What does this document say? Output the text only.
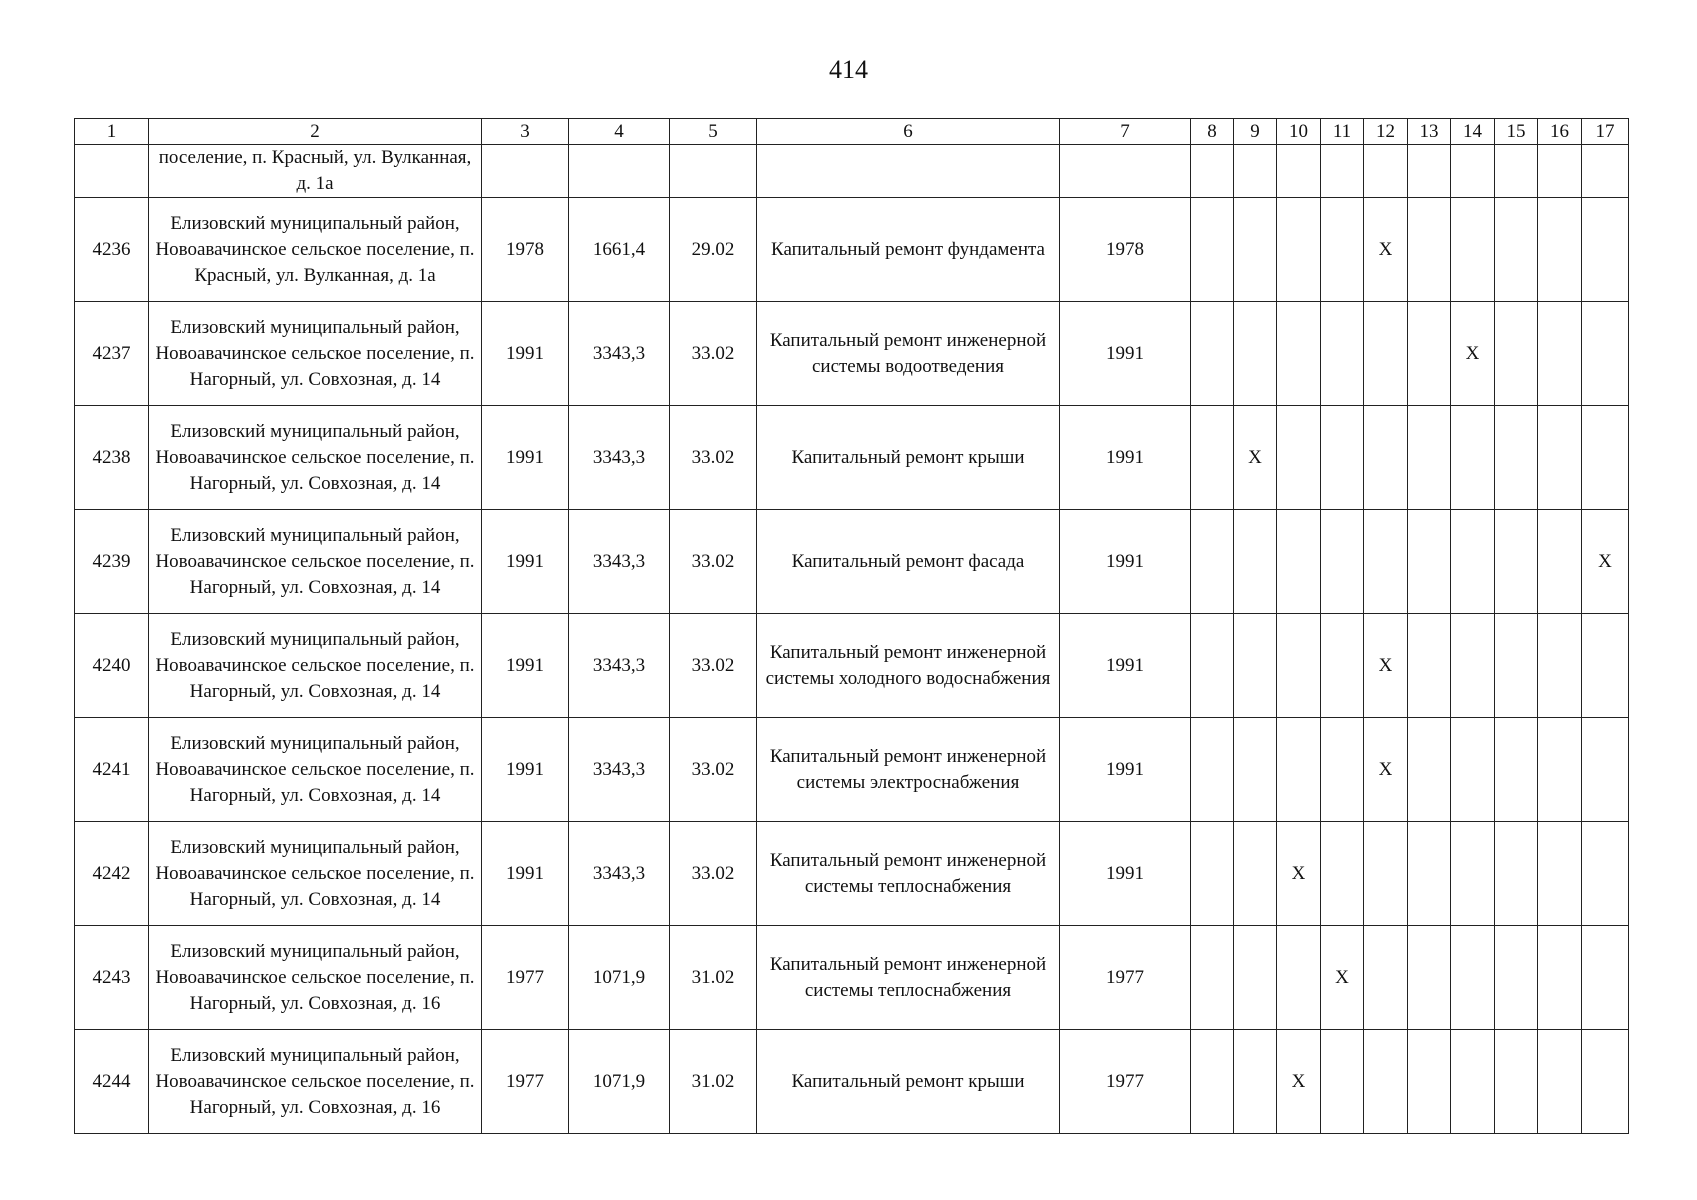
414
1	2	3	4	5	6	7	8	9	10	11	12	13	14	15	16	17
	поселение, п. Красный, ул. Вулканная, д. 1а															
4236	Елизовский муниципальный район, Новоавачинское сельское поселение, п. Красный, ул. Вулканная, д. 1а	1978	1661,4	29.02	Капитальный ремонт фундамента	1978					X					
4237	Елизовский муниципальный район, Новоавачинское сельское поселение, п. Нагорный, ул. Совхозная, д. 14	1991	3343,3	33.02	Капитальный ремонт инженерной системы водоотведения	1991							X			
4238	Елизовский муниципальный район, Новоавачинское сельское поселение, п. Нагорный, ул. Совхозная, д. 14	1991	3343,3	33.02	Капитальный ремонт крыши	1991		X								
4239	Елизовский муниципальный район, Новоавачинское сельское поселение, п. Нагорный, ул. Совхозная, д. 14	1991	3343,3	33.02	Капитальный ремонт фасада	1991										X
4240	Елизовский муниципальный район, Новоавачинское сельское поселение, п. Нагорный, ул. Совхозная, д. 14	1991	3343,3	33.02	Капитальный ремонт инженерной системы холодного водоснабжения	1991					X					
4241	Елизовский муниципальный район, Новоавачинское сельское поселение, п. Нагорный, ул. Совхозная, д. 14	1991	3343,3	33.02	Капитальный ремонт инженерной системы электроснабжения	1991					X					
4242	Елизовский муниципальный район, Новоавачинское сельское поселение, п. Нагорный, ул. Совхозная, д. 14	1991	3343,3	33.02	Капитальный ремонт инженерной системы теплоснабжения	1991			X							
4243	Елизовский муниципальный район, Новоавачинское сельское поселение, п. Нагорный, ул. Совхозная, д. 16	1977	1071,9	31.02	Капитальный ремонт инженерной системы теплоснабжения	1977				X						
4244	Елизовский муниципальный район, Новоавачинское сельское поселение, п. Нагорный, ул. Совхозная, д. 16	1977	1071,9	31.02	Капитальный ремонт крыши	1977			X							
